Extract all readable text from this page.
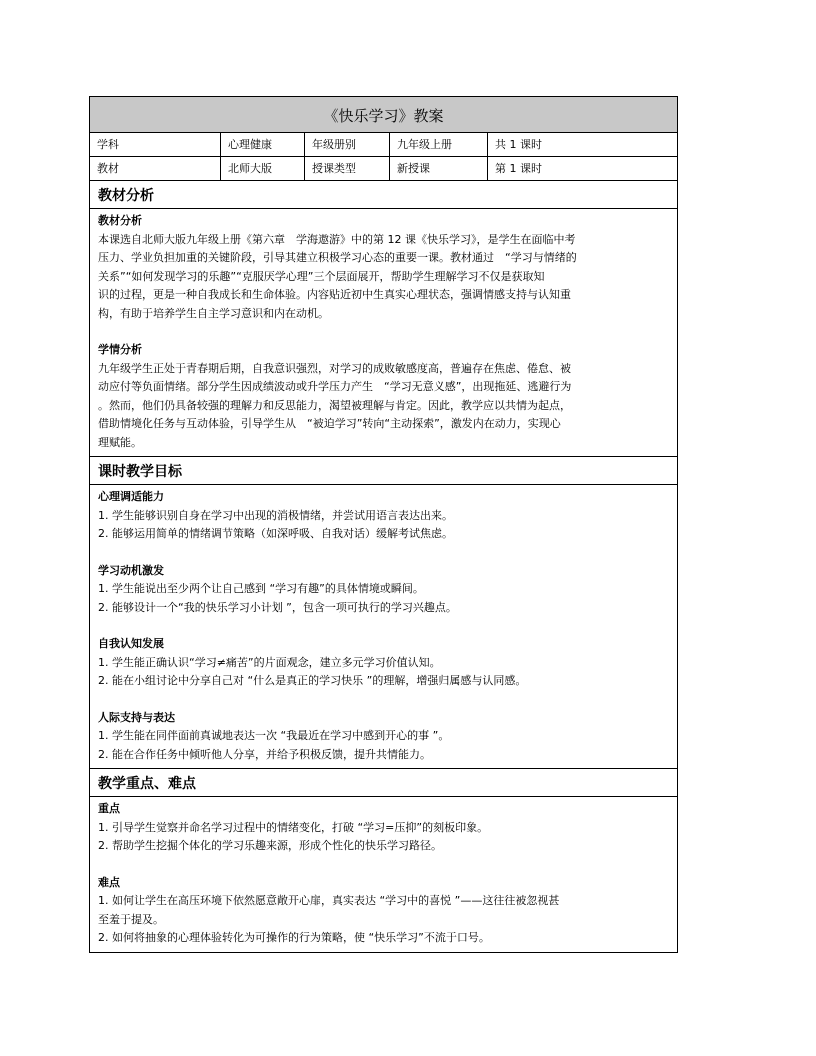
《快乐学习》教案
学科	心理健康	年级册别	九年级上册	共 1 课时
教材	北师大版	授课类型	新授课	第 1 课时
教材分析
教材分析
本课选自北师大版九年级上册《第六章　学海遨游》中的第 12 课《快乐学习》，是学生在面临中考
压力、学业负担加重的关键阶段，引导其建立积极学习心态的重要一课。教材通过　“学习与情绪的
关系”“如何发现学习的乐趣”“克服厌学心理”三个层面展开，帮助学生理解学习不仅是获取知
识的过程，更是一种自我成长和生命体验。内容贴近初中生真实心理状态，强调情感支持与认知重
构，有助于培养学生自主学习意识和内在动机。
学情分析
九年级学生正处于青春期后期，自我意识强烈，对学习的成败敏感度高，普遍存在焦虑、倦怠、被
动应付等负面情绪。部分学生因成绩波动或升学压力产生　“学习无意义感”，出现拖延、逃避行为
。然而，他们仍具备较强的理解力和反思能力，渴望被理解与肯定。因此，教学应以共情为起点，
借助情境化任务与互动体验，引导学生从　“被迫学习”转向“主动探索”，激发内在动力，实现心
理赋能。
课时教学目标
心理调适能力
1. 学生能够识别自身在学习中出现的消极情绪，并尝试用语言表达出来。
2. 能够运用简单的情绪调节策略（如深呼吸、自我对话）缓解考试焦虑。
学习动机激发
1. 学生能说出至少两个让自己感到 “学习有趣”的具体情境或瞬间。
2. 能够设计一个“我的快乐学习小计划 ”，包含一项可执行的学习兴趣点。
自我认知发展
1. 学生能正确认识“学习≠痛苦”的片面观念，建立多元学习价值认知。
2. 能在小组讨论中分享自己对 “什么是真正的学习快乐 ”的理解，增强归属感与认同感。
人际支持与表达
1. 学生能在同伴面前真诚地表达一次 “我最近在学习中感到开心的事 ”。
2. 能在合作任务中倾听他人分享，并给予积极反馈，提升共情能力。
教学重点、难点
重点
1. 引导学生觉察并命名学习过程中的情绪变化，打破 “学习=压抑”的刻板印象。
2. 帮助学生挖掘个体化的学习乐趣来源，形成个性化的快乐学习路径。
难点
1. 如何让学生在高压环境下依然愿意敞开心扉，真实表达 “学习中的喜悦 ”——这往往被忽视甚
至羞于提及。
2. 如何将抽象的心理体验转化为可操作的行为策略，使 “快乐学习”不流于口号。
